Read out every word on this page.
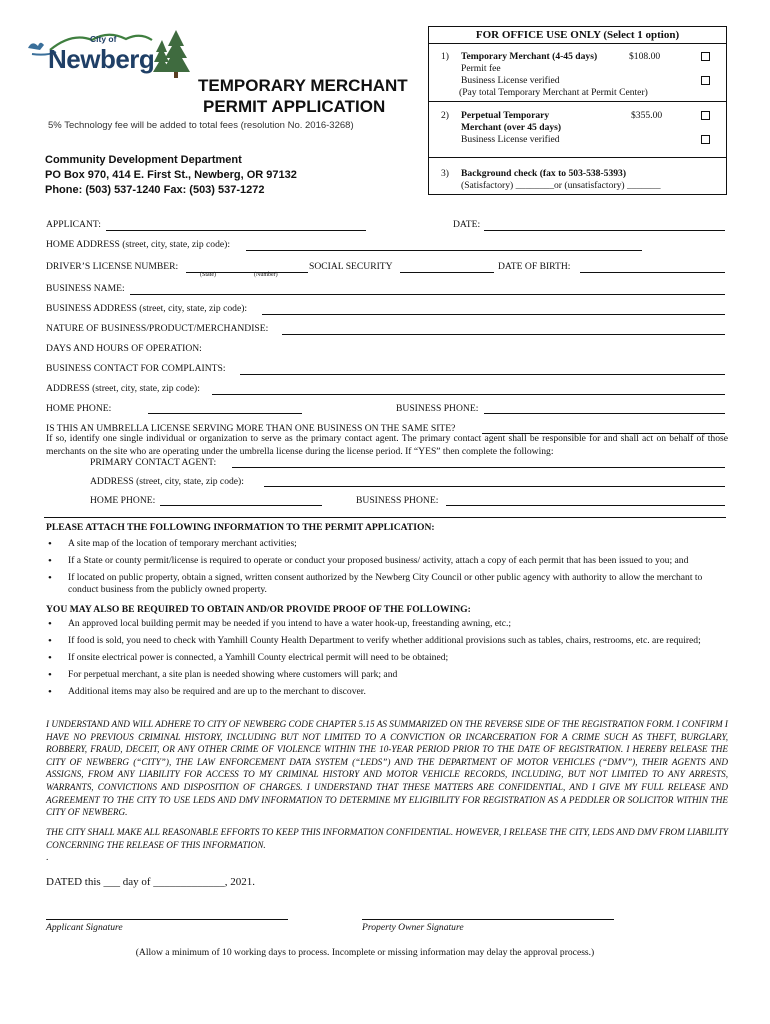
City of
Newberg
TEMPORARY MERCHANT
PERMIT APPLICATION
5% Technology fee will be added to total fees (resolution No. 2016-3268)
Community Development Department
PO Box 970, 414 E. First St., Newberg, OR 97132
Phone: (503) 537-1240 Fax: (503) 537-1272
FOR OFFICE USE ONLY (Select 1 option)
1) Temporary Merchant (4-45 days)	$108.00
Permit fee
Business License verified
(Pay total Temporary Merchant at Permit Center)
2) Perpetual Temporary	$355.00
Merchant (over 45 days)
Business License verified
3) Background check (fax to 503-538-5393)
(Satisfactory) ________or (unsatisfactory) _______
APPLICANT:	DATE:
HOME ADDRESS (street, city, state, zip code):
DRIVER’S LICENSE NUMBER:
(State)	(Number)
SOCIAL SECURITY	DATE OF BIRTH:
BUSINESS NAME:
BUSINESS ADDRESS (street, city, state, zip code):
NATURE OF BUSINESS/PRODUCT/MERCHANDISE:
DAYS AND HOURS OF OPERATION:
BUSINESS CONTACT FOR COMPLAINTS:
ADDRESS (street, city, state, zip code):
HOME PHONE:	BUSINESS PHONE:
IS THIS AN UMBRELLA LICENSE SERVING MORE THAN ONE BUSINESS ON THE SAME SITE?
If so, identify one single individual or organization to serve as the primary contact agent. The primary contact agent shall be responsible for and shall act on behalf of those merchants on the site who are operating under the umbrella license during the license period. If “YES” then complete the following:
PRIMARY CONTACT AGENT:
ADDRESS (street, city, state, zip code):
HOME PHONE:	BUSINESS PHONE:
PLEASE ATTACH THE FOLLOWING INFORMATION TO THE PERMIT APPLICATION:
• A site map of the location of temporary merchant activities;
• If a State or county permit/license is required to operate or conduct your proposed business/ activity, attach a copy of each permit that has been issued to you; and
• If located on public property, obtain a signed, written consent authorized by the Newberg City Council or other public agency with authority to allow the merchant to conduct business from the publicly owned property.
YOU MAY ALSO BE REQUIRED TO OBTAIN AND/OR PROVIDE PROOF OF THE FOLLOWING:
• An approved local building permit may be needed if you intend to have a water hook-up, freestanding awning, etc.;
• If food is sold, you need to check with Yamhill County Health Department to verify whether additional provisions such as tables, chairs, restrooms, etc. are required;
• If onsite electrical power is connected, a Yamhill County electrical permit will need to be obtained;
• For perpetual merchant, a site plan is needed showing where customers will park; and
• Additional items may also be required and are up to the merchant to discover.
I UNDERSTAND AND WILL ADHERE TO CITY OF NEWBERG CODE CHAPTER 5.15 AS SUMMARIZED ON THE REVERSE SIDE OF THE REGISTRATION FORM. I CONFIRM I HAVE NO PREVIOUS CRIMINAL HISTORY, INCLUDING BUT NOT LIMITED TO A CONVICTION OR INCARCERATION FOR A CRIME SUCH AS THEFT, BURGLARY, ROBBERY, FRAUD, DECEIT, OR ANY OTHER CRIME OF VIOLENCE WITHIN THE 10-YEAR PERIOD PRIOR TO THE DATE OF REGISTRATION. I HEREBY RELEASE THE CITY OF NEWBERG (“CITY”), THE LAW ENFORCEMENT DATA SYSTEM (“LEDS”) AND THE DEPARTMENT OF MOTOR VEHICLES (“DMV”), THEIR AGENTS AND ASSIGNS, FROM ANY LIABILITY FOR ACCESS TO MY CRIMINAL HISTORY AND MOTOR VEHICLE RECORDS, INCLUDING, BUT NOT LIMITED TO ANY ARRESTS, WARRANTS, CONVICTIONS AND DISPOSITION OF CHARGES. I UNDERSTAND THAT THESE MATTERS ARE CONFIDENTIAL, AND I GIVE MY FULL RELEASE AND AGREEMENT TO THE CITY TO USE LEDS AND DMV INFORMATION TO DETERMINE MY ELIGIBILITY FOR REGISTRATION AS A PEDDLER OR SOLICITOR WITHIN THE CITY OF NEWBERG.
THE CITY SHALL MAKE ALL REASONABLE EFFORTS TO KEEP THIS INFORMATION CONFIDENTIAL. HOWEVER, I RELEASE THE CITY, LEDS AND DMV FROM LIABILITY CONCERNING THE RELEASE OF THIS INFORMATION.
.
DATED this ___ day of _____________, 2021.
Applicant Signature	Property Owner Signature
(Allow a minimum of 10 working days to process. Incomplete or missing information may delay the approval process.)
